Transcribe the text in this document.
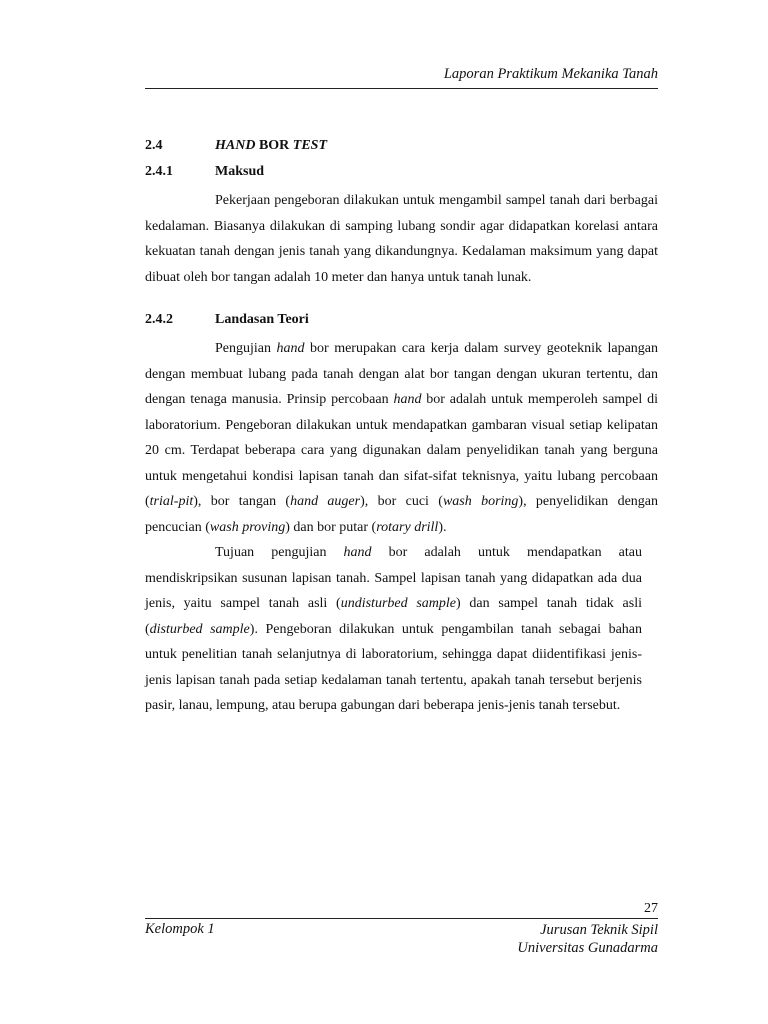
Laporan Praktikum Mekanika Tanah
2.4	HAND BOR TEST
2.4.1	Maksud

Pekerjaan pengeboran dilakukan untuk mengambil sampel tanah dari berbagai kedalaman. Biasanya dilakukan di samping lubang sondir agar didapatkan korelasi antara kekuatan tanah dengan jenis tanah yang dikandungnya. Kedalaman maksimum yang dapat dibuat oleh bor tangan adalah 10 meter dan hanya untuk tanah lunak.

2.4.2	Landasan Teori

Pengujian hand bor merupakan cara kerja dalam survey geoteknik lapangan dengan membuat lubang pada tanah dengan alat bor tangan dengan ukuran tertentu, dan dengan tenaga manusia. Prinsip percobaan hand bor adalah untuk memperoleh sampel di laboratorium. Pengeboran dilakukan untuk mendapatkan gambaran visual setiap kelipatan 20 cm. Terdapat beberapa cara yang digunakan dalam penyelidikan tanah yang berguna untuk mengetahui kondisi lapisan tanah dan sifat-sifat teknisnya, yaitu lubang percobaan (trial-pit), bor tangan (hand auger), bor cuci (wash boring), penyelidikan dengan pencucian (wash proving) dan bor putar (rotary drill).

Tujuan pengujian hand bor adalah untuk mendapatkan atau mendiskripsikan susunan lapisan tanah. Sampel lapisan tanah yang didapatkan ada dua jenis, yaitu sampel tanah asli (undisturbed sample) dan sampel tanah tidak asli (disturbed sample). Pengeboran dilakukan untuk pengambilan tanah sebagai bahan untuk penelitian tanah selanjutnya di laboratorium, sehingga dapat diidentifikasi jenis-jenis lapisan tanah pada setiap kedalaman tanah tertentu, apakah tanah tersebut berjenis pasir, lanau, lempung, atau berupa gabungan dari beberapa jenis-jenis tanah tersebut.

27
Kelompok 1	Jurusan Teknik Sipil
Universitas Gunadarma
